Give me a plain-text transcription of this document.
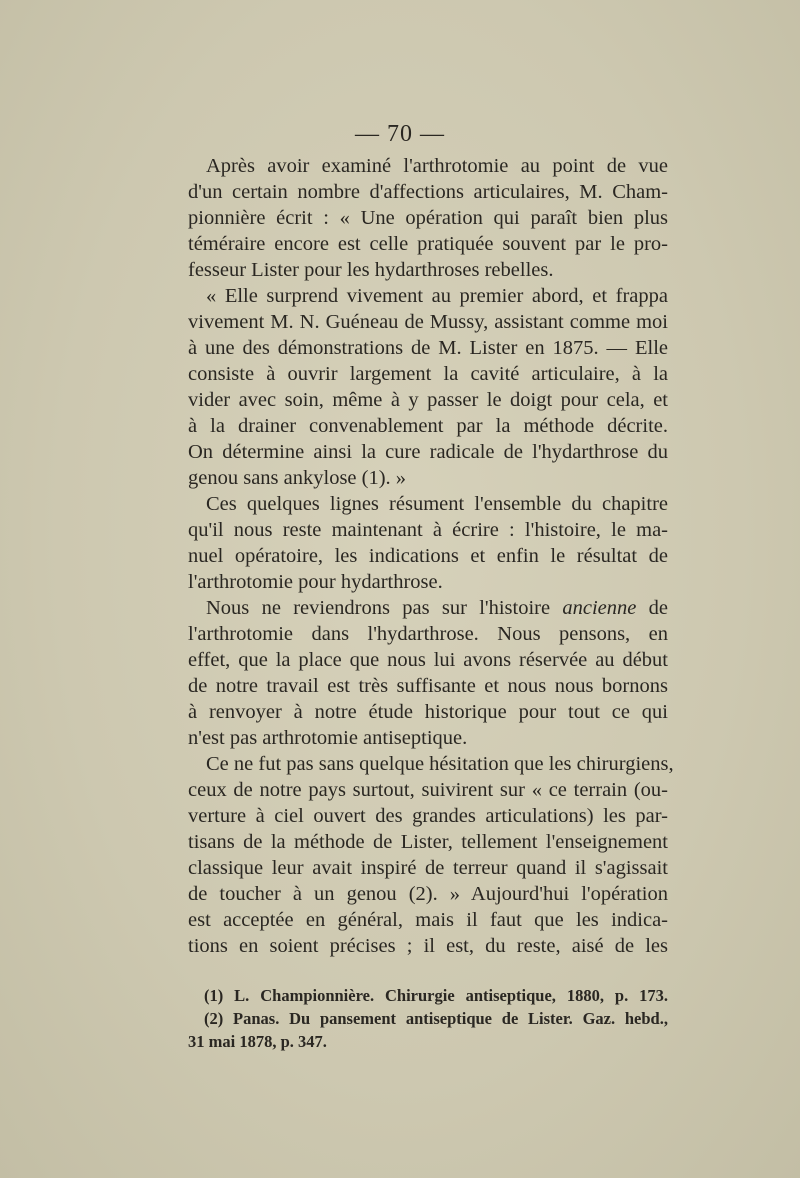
— 70 —
Après avoir examiné l'arthrotomie au point de vue
d'un certain nombre d'affections articulaires, M. Cham-
pionnière écrit : « Une opération qui paraît bien plus
téméraire encore est celle pratiquée souvent par le pro-
fesseur Lister pour les hydarthroses rebelles.
« Elle surprend vivement au premier abord, et frappa
vivement M. N. Guéneau de Mussy, assistant comme moi
à une des démonstrations de M. Lister en 1875. — Elle
consiste à ouvrir largement la cavité articulaire, à la
vider avec soin, même à y passer le doigt pour cela, et
à la drainer convenablement par la méthode décrite.
On détermine ainsi la cure radicale de l'hydarthrose du
genou sans ankylose (1). »
Ces quelques lignes résument l'ensemble du chapitre
qu'il nous reste maintenant à écrire : l'histoire, le ma-
nuel opératoire, les indications et enfin le résultat de
l'arthrotomie pour hydarthrose.
Nous ne reviendrons pas sur l'histoire ancienne de
l'arthrotomie dans l'hydarthrose. Nous pensons, en
effet, que la place que nous lui avons réservée au début
de notre travail est très suffisante et nous nous bornons
à renvoyer à notre étude historique pour tout ce qui
n'est pas arthrotomie antiseptique.
Ce ne fut pas sans quelque hésitation que les chirurgiens,
ceux de notre pays surtout, suivirent sur « ce terrain (ou-
verture à ciel ouvert des grandes articulations) les par-
tisans de la méthode de Lister, tellement l'enseignement
classique leur avait inspiré de terreur quand il s'agissait
de toucher à un genou (2). » Aujourd'hui l'opération
est acceptée en général, mais il faut que les indica-
tions en soient précises ; il est, du reste, aisé de les
(1) L. Championnière. Chirurgie antiseptique, 1880, p. 173.
(2) Panas. Du pansement antiseptique de Lister. Gaz. hebd.,
31 mai 1878, p. 347.
